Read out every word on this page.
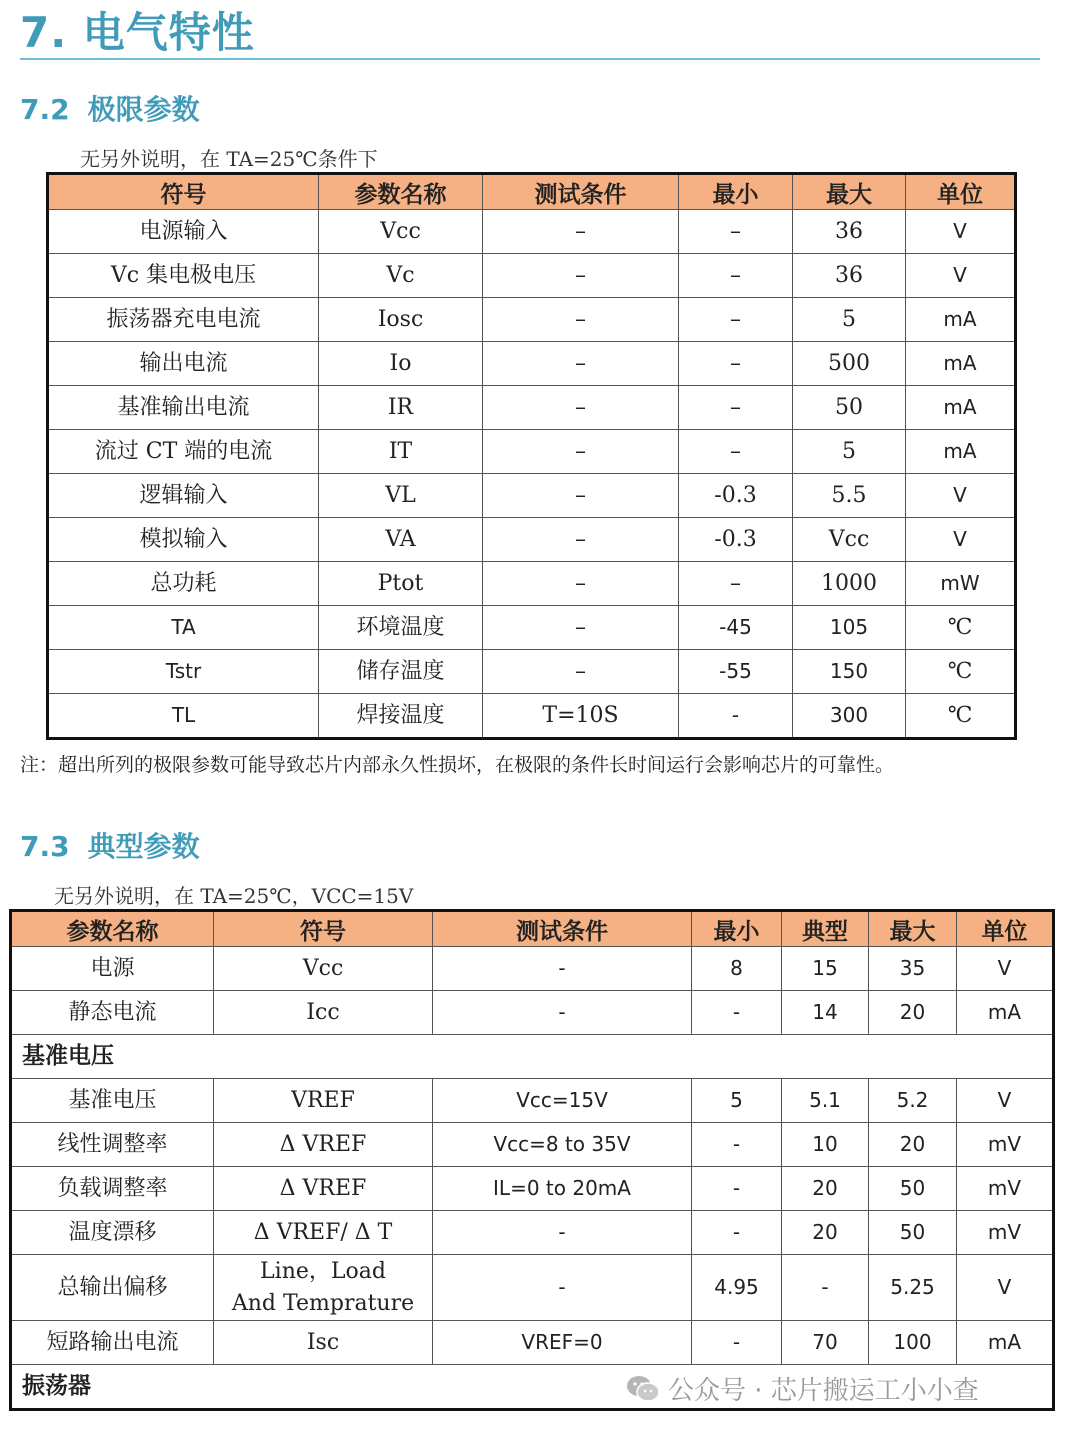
7. 电气特性
7.2 极限参数
无另外说明，在 TA=25℃条件下
符号	参数名称	测试条件	最小	最大	单位
电源输入	Vcc	–	–	36	V
Vc 集电极电压	Vc	–	–	36	V
振荡器充电电流	Iosc	–	–	5	mA
输出电流	Io	–	–	500	mA
基准输出电流	IR	–	–	50	mA
流过 CT 端的电流	IT	–	–	5	mA
逻辑输入	VL	–	-0.3	5.5	V
模拟输入	VA	–	-0.3	Vcc	V
总功耗	Ptot	–	–	1000	mW
TA	环境温度	–	-45	105	℃
Tstr	储存温度	–	-55	150	℃
TL	焊接温度	T=10S	-	300	℃

注：超出所列的极限参数可能导致芯片内部永久性损坏，在极限的条件长时间运行会影响芯片的可靠性。

7.3 典型参数
无另外说明，在 TA=25℃，VCC=15V
参数名称	符号	测试条件	最小	典型	最大	单位
电源	Vcc	-	8	15	35	V
静态电流	Icc	-	-	14	20	mA
基准电压						
基准电压	VREF	Vcc=15V	5	5.1	5.2	V
线性调整率	Δ VREF	Vcc=8 to 35V	-	10	20	mV
负载调整率	Δ VREF	IL=0 to 20mA	-	20	50	mV
温度漂移	Δ VREF/ Δ T	-	-	20	50	mV
总输出偏移	Line，Load
And Temprature	-	4.95	-	5.25	V
短路输出电流	Isc	VREF=0	-	70	100	mA
振荡器							公众号 · 芯片搬运工小小查
